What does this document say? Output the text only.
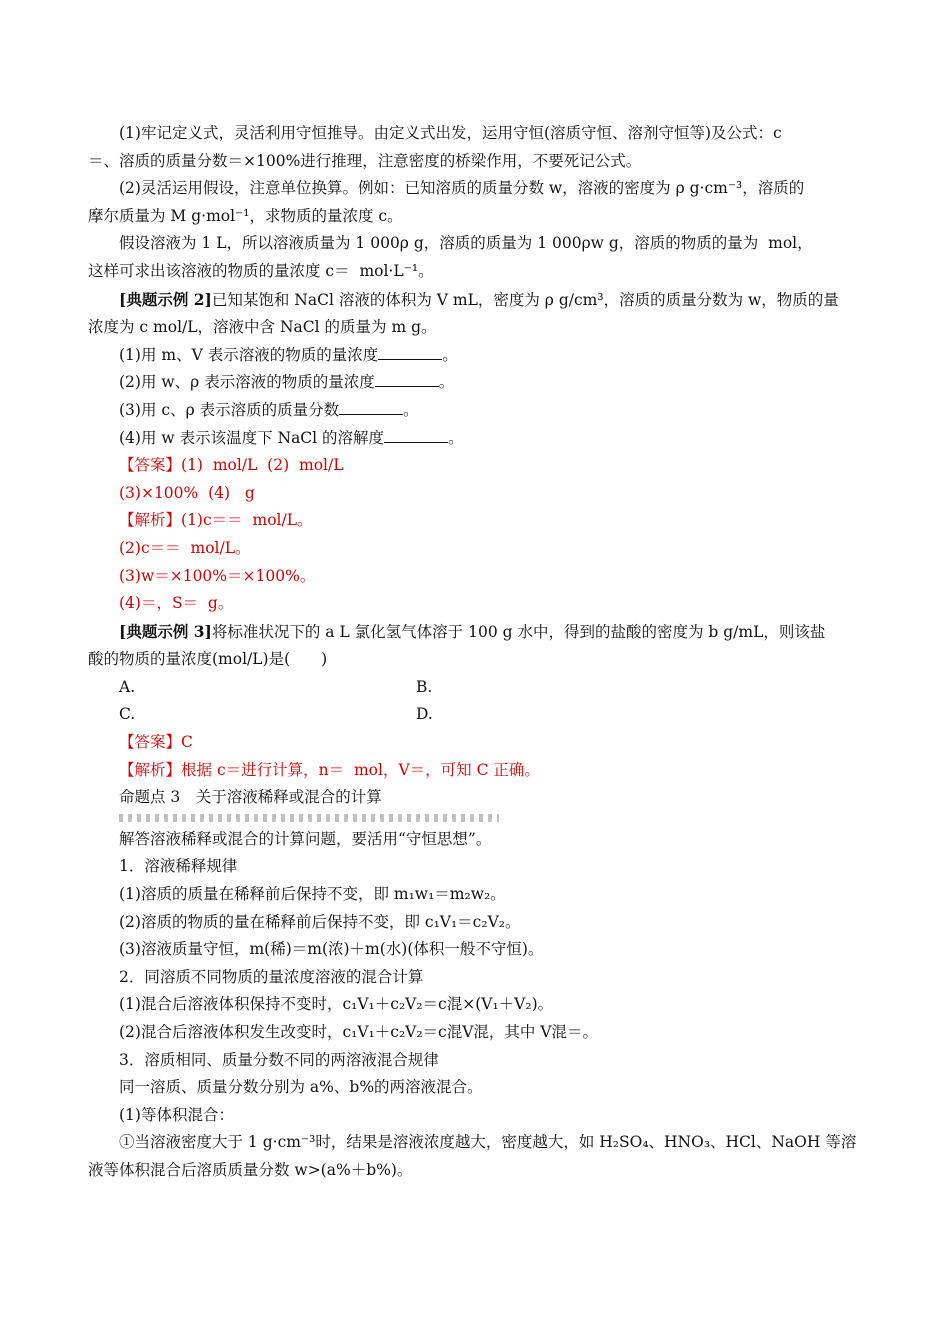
(1)牢记定义式，灵活利用守恒推导。由定义式出发，运用守恒(溶质守恒、溶剂守恒等)及公式：c

＝、溶质的质量分数＝×100%进行推理，注意密度的桥梁作用，不要死记公式。

(2)灵活运用假设，注意单位换算。例如：已知溶质的质量分数 w，溶液的密度为 ρ g·cm⁻³，溶质的

摩尔质量为 M g·mol⁻¹，求物质的量浓度 c。

假设溶液为 1 L，所以溶液质量为 1 000ρ g，溶质的质量为 1 000ρw g，溶质的物质的量为  mol，

这样可求出该溶液的物质的量浓度 c＝  mol·L⁻¹。

[典题示例 2]已知某饱和 NaCl 溶液的体积为 V mL，密度为 ρ g/cm³，溶质的质量分数为 w，物质的量

浓度为 c mol/L，溶液中含 NaCl 的质量为 m g。

(1)用 m、V 表示溶液的物质的量浓度	。

(2)用 w、ρ 表示溶液的物质的量浓度	。

(3)用 c、ρ 表示溶质的质量分数	。

(4)用 w 表示该温度下 NaCl 的溶解度	。

【答案】(1)  mol/L  (2)  mol/L

(3)×100%  (4)   g

【解析】(1)c＝＝  mol/L。

(2)c＝＝  mol/L。

(3)w＝×100%＝×100%。

(4)＝，S＝  g。

[典题示例 3]将标准状况下的 a L 氯化氢气体溶于 100 g 水中，得到的盐酸的密度为 b g/mL，则该盐

酸的物质的量浓度(mol/L)是(　　)

A.	B.
C.	D.

【答案】C

【解析】根据 c＝进行计算，n＝  mol，V＝，可知 C 正确。

命题点 3　关于溶液稀释或混合的计算

解答溶液稀释或混合的计算问题，要活用“守恒思想”。

1．溶液稀释规律

(1)溶质的质量在稀释前后保持不变，即 m₁w₁＝m₂w₂。

(2)溶质的物质的量在稀释前后保持不变，即 c₁V₁＝c₂V₂。

(3)溶液质量守恒，m(稀)＝m(浓)＋m(水)(体积一般不守恒)。

2．同溶质不同物质的量浓度溶液的混合计算

(1)混合后溶液体积保持不变时，c₁V₁＋c₂V₂＝c混×(V₁＋V₂)。

(2)混合后溶液体积发生改变时，c₁V₁＋c₂V₂＝c混V混，其中 V混＝。

3．溶质相同、质量分数不同的两溶液混合规律

同一溶质、质量分数分别为 a%、b%的两溶液混合。

(1)等体积混合：

①当溶液密度大于 1 g·cm⁻³时，结果是溶液浓度越大，密度越大，如 H₂SO₄、HNO₃、HCl、NaOH 等溶

液等体积混合后溶质质量分数 w>(a%＋b%)。
